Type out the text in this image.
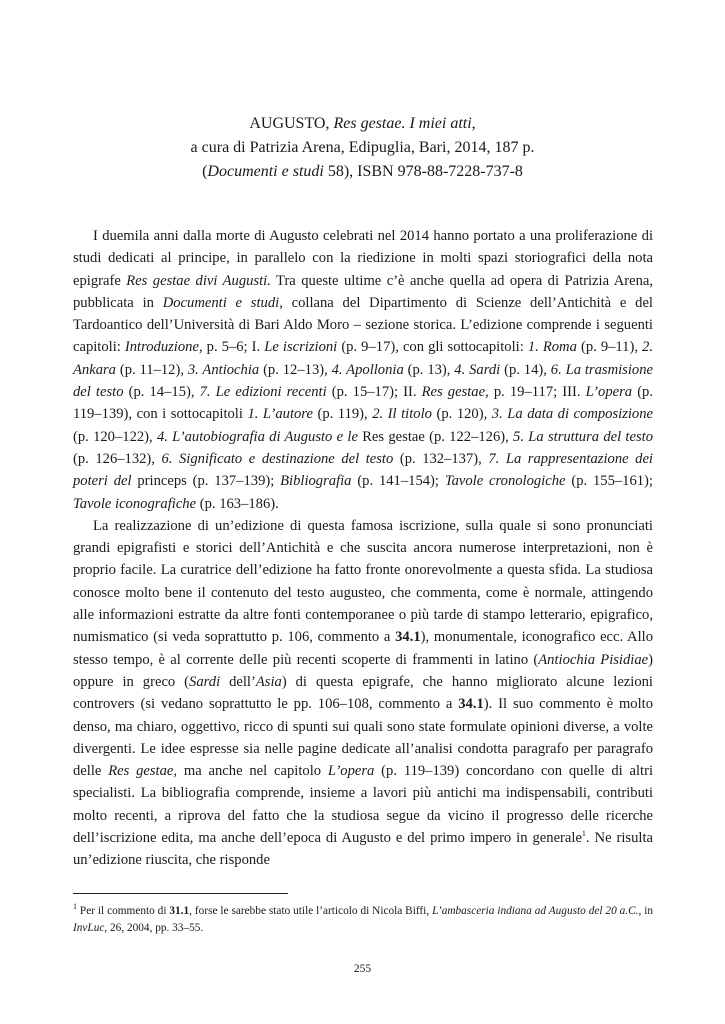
AUGUSTO, Res gestae. I miei atti,
a cura di Patrizia Arena, Edipuglia, Bari, 2014, 187 p.
(Documenti e studi 58), ISBN 978-88-7228-737-8

I duemila anni dalla morte di Augusto celebrati nel 2014 hanno portato a una proliferazione di studi dedicati al principe, in parallelo con la riedizione in molti spazi storiografici della nota epigrafe Res gestae divi Augusti. Tra queste ultime c’è anche quella ad opera di Patrizia Arena, pubblicata in Documenti e studi, collana del Dipartimento di Scienze dell’Antichità e del Tardoantico dell’Università di Bari Aldo Moro – sezione storica. L’edizione comprende i seguenti capitoli: Introduzione, p. 5–6; I. Le iscrizioni (p. 9–17), con gli sottocapitoli: 1. Roma (p. 9–11), 2. Ankara (p. 11–12), 3. Antiochia (p. 12–13), 4. Apollonia (p. 13), 4. Sardi (p. 14), 6. La trasmisione del testo (p. 14–15), 7. Le edizioni recenti (p. 15–17); II. Res gestae, p. 19–117; III. L’opera (p. 119–139), con i sottocapitoli 1. L’autore (p. 119), 2. Il titolo (p. 120), 3. La data di composizione (p. 120–122), 4. L’autobiografia di Augusto e le Res gestae (p. 122–126), 5. La struttura del testo (p. 126–132), 6. Significato e destinazione del testo (p. 132–137), 7. La rappresentazione dei poteri del princeps (p. 137–139); Bibliografia (p. 141–154); Tavole cronologiche (p. 155–161); Tavole iconografiche (p. 163–186).

La realizzazione di un’edizione di questa famosa iscrizione, sulla quale si sono pronunciati grandi epigrafisti e storici dell’Antichità e che suscita ancora numerose interpretazioni, non è proprio facile. La curatrice dell’edizione ha fatto fronte onorevolmente a questa sfida. La studiosa conosce molto bene il contenuto del testo augusteo, che commenta, come è normale, attingendo alle informazioni estratte da altre fonti contemporanee o più tarde di stampo letterario, epigrafico, numismatico (si veda soprattutto p. 106, commento a 34.1), monumentale, iconografico ecc. Allo stesso tempo, è al corrente delle più recenti scoperte di frammenti in latino (Antiochia Pisidiae) oppure in greco (Sardi dell’Asia) di questa epigrafe, che hanno migliorato alcune lezioni controvers (si vedano soprattutto le pp. 106–108, commento a 34.1). Il suo commento è molto denso, ma chiaro, oggettivo, ricco di spunti sui quali sono state formulate opinioni diverse, a volte divergenti. Le idee espresse sia nelle pagine dedicate all’analisi condotta paragrafo per paragrafo delle Res gestae, ma anche nel capitolo L’opera (p. 119–139) concordano con quelle di altri specialisti. La bibliografia comprende, insieme a lavori più antichi ma indispensabili, contributi molto recenti, a riprova del fatto che la studiosa segue da vicino il progresso delle ricerche dell’iscrizione edita, ma anche dell’epoca di Augusto e del primo impero in generale$^1$. Ne risulta un’edizione riuscita, che risponde

$^1$ Per il commento di 31.1, forse le sarebbe stato utile l’articolo di Nicola Biffi, L’ambasceria indiana ad Augusto del 20 a.C., in InvLuc, 26, 2004, pp. 33–55.

255
